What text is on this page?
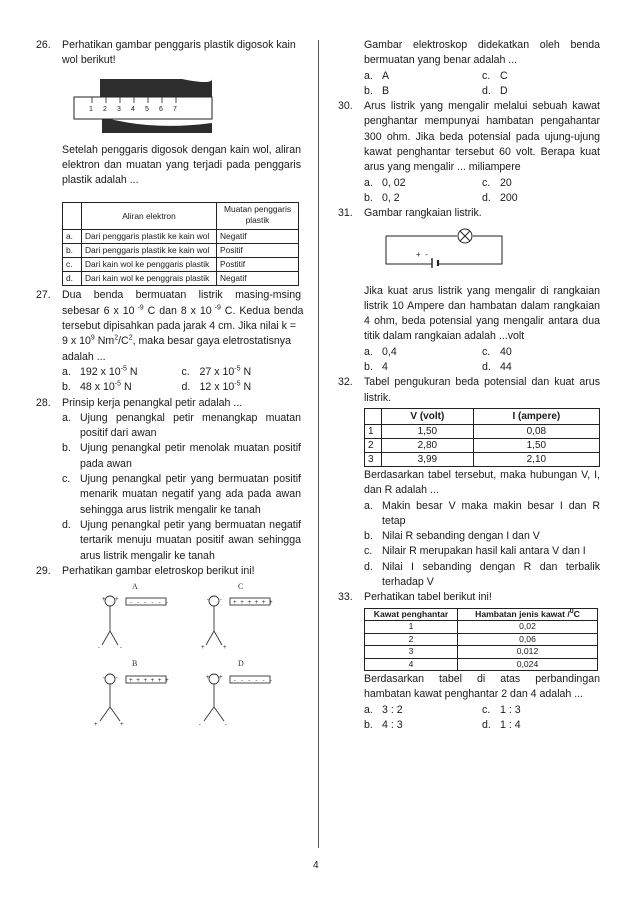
26. Perhatikan gambar penggaris plastik digosok kain wol berikut!
1 2 3 4 5 6 7
Setelah penggaris digosok dengan kain wol, aliran elektron dan muatan yang terjadi pada penggaris plastik adalah ...
	Aliran elektron	Muatan penggaris plastik
a.	Dari penggaris plastik ke kain wol	Negatif
b.	Dari penggaris plastik ke kain wol	Positif
c.	Dari kain wol ke penggaris plastik	Postitif
d.	Dari kain wol ke penggrais plastik	Negatif
27. Dua benda bermuatan listrik masing-msing
sebesar 6 x 10 $^{-9}$ C dan 8 x 10 $^{-9}$ C. Kedua benda
tersebut dipisahkan pada jarak 4 cm. Jika nilai k =
9 x $10^9$ $Nm^2/C^2$, maka besar gaya eletrostatisnya
adalah ...
a. 192 x $10^{-5}$ N	c. 27 x $10^{-5}$ N
b. 48 x $10^{-5}$ N	d. 12 x $10^{-5}$ N
28. Prinsip kerja penangkal petir adalah ...
a. Ujung penangkal petir menangkap muatan positif dari awan
b. Ujung penangkal petir menolak muatan positif pada awan
c. Ujung penangkal petir yang bermuatan positif menarik muatan negatif yang ada pada awan sehingga arus listrik mengalir ke tanah
d. Ujung penangkal petir yang bermuatan negatif tertarik menuju muatan positif awan sehingga arus listrik mengalir ke tanah
29. Perhatikan gambar eletroskop berikut ini!
A	C
B	D
- - - - - -	+ + + + + +
+ + + + + +	- - - - - -
+ +	- -
-	-	+	+
- -	+ +
+	+	-	-
Gambar elektroskop didekatkan oleh benda bermuatan yang benar adalah ...
a. A	c. C
b. B	d. D
30. Arus listrik yang mengalir melalui sebuah kawat penghantar mempunyai hambatan pengahantar 300 ohm. Jika beda potensial pada ujung-ujung kawat penghantar tersebut 60 volt. Berapa kuat arus yang mengalir ... miliampere
a. 0, 02	c. 20
b. 0, 2	d. 200
31. Gambar rangkaian listrik.
+  -
Jika kuat arus listrik yang mengalir di rangkaian listrik 10 Ampere dan hambatan dalam rangkaian 4 ohm, beda potensial yang mengalir antara dua titik dalam rangkaian adalah ...volt
a. 0,4	c. 40
b. 4	d. 44
32. Tabel pengukuran beda potensial dan kuat arus listrik.
	V (volt)	I (ampere)
1	1,50	0,08
2	2,80	1,50
3	3,99	2,10
Berdasarkan tabel tersebut, maka hubungan V, I, dan R adalah ...
a. Makin besar V maka makin besar I dan R tetap
b. Nilai R sebanding dengan I dan V
c. Nilair R merupakan hasil kali antara V dan I
d. Nilai I sebanding dengan R dan terbalik terhadap V
33. Perhatikan tabel berikut ini!
Kawat penghantar	Hambatan jenis kawat /$^0$C
1	0,02
2	0,06
3	0,012
4	0,024
Berdasarkan tabel di atas perbandingan hambatan kawat penghantar 2 dan 4 adalah ...
a. 3 : 2	c. 1 : 3
b. 4 : 3	d. 1 : 4
4
